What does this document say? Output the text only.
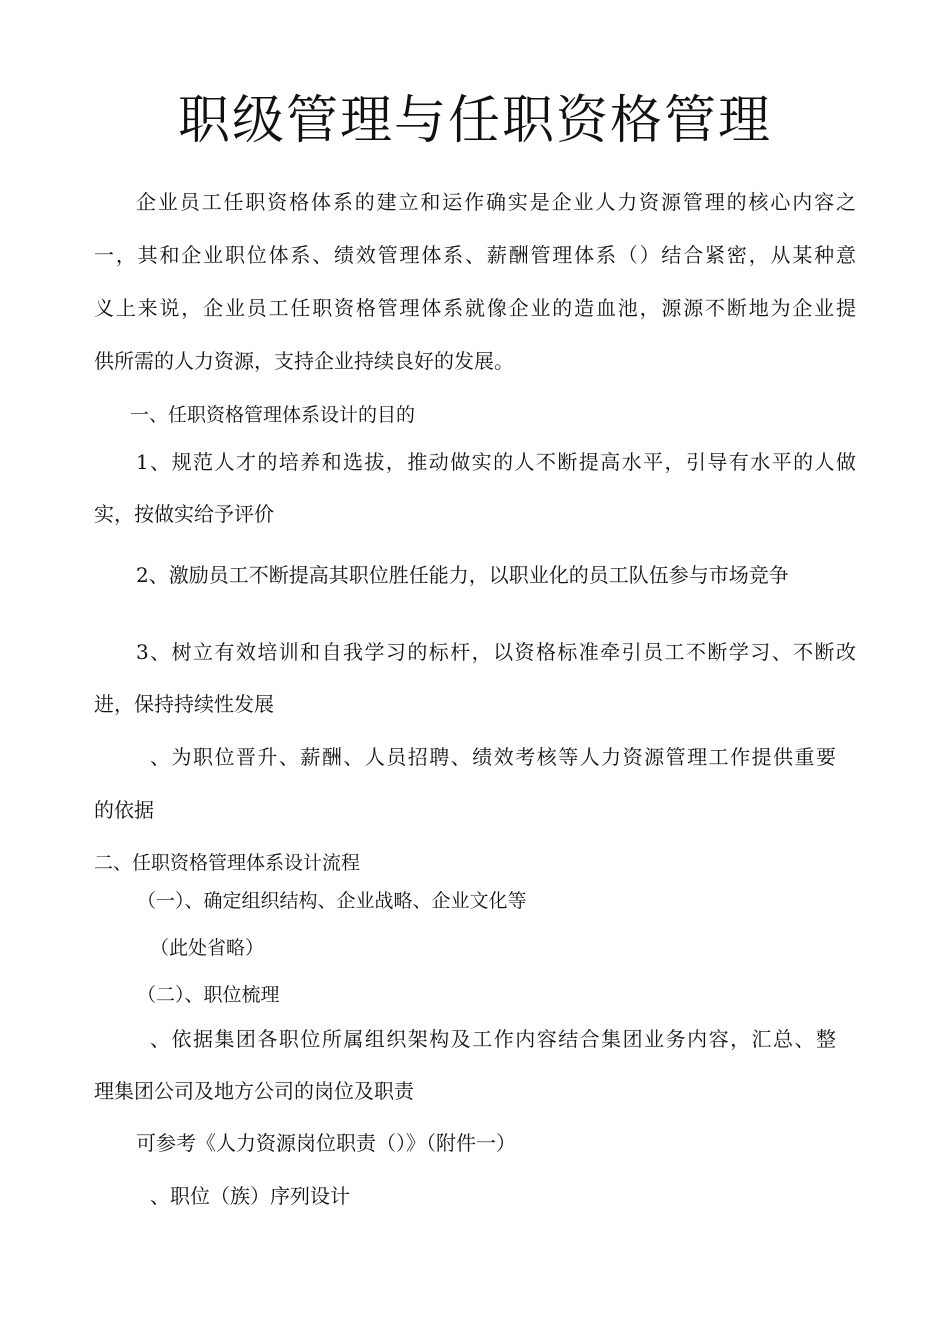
职级管理与任职资格管理
企业员工任职资格体系的建立和运作确实是企业人力资源管理的核心内容之
一，其和企业职位体系、绩效管理体系、薪酬管理体系（）结合紧密，从某种意
义上来说，企业员工任职资格管理体系就像企业的造血池，源源不断地为企业提
供所需的人力资源，支持企业持续良好的发展。
一、任职资格管理体系设计的目的
1、规范人才的培养和选拔，推动做实的人不断提高水平，引导有水平的人做
实，按做实给予评价
2、激励员工不断提高其职位胜任能力，以职业化的员工队伍参与市场竞争
3、树立有效培训和自我学习的标杆，以资格标准牵引员工不断学习、不断改
进，保持持续性发展
、为职位晋升、薪酬、人员招聘、绩效考核等人力资源管理工作提供重要
的依据
二、任职资格管理体系设计流程
（一）、确定组织结构、企业战略、企业文化等
（此处省略）
（二）、职位梳理
、依据集团各职位所属组织架构及工作内容结合集团业务内容，汇总、整
理集团公司及地方公司的岗位及职责
可参考《人力资源岗位职责（）》（附件一）
、职位（族）序列设计
